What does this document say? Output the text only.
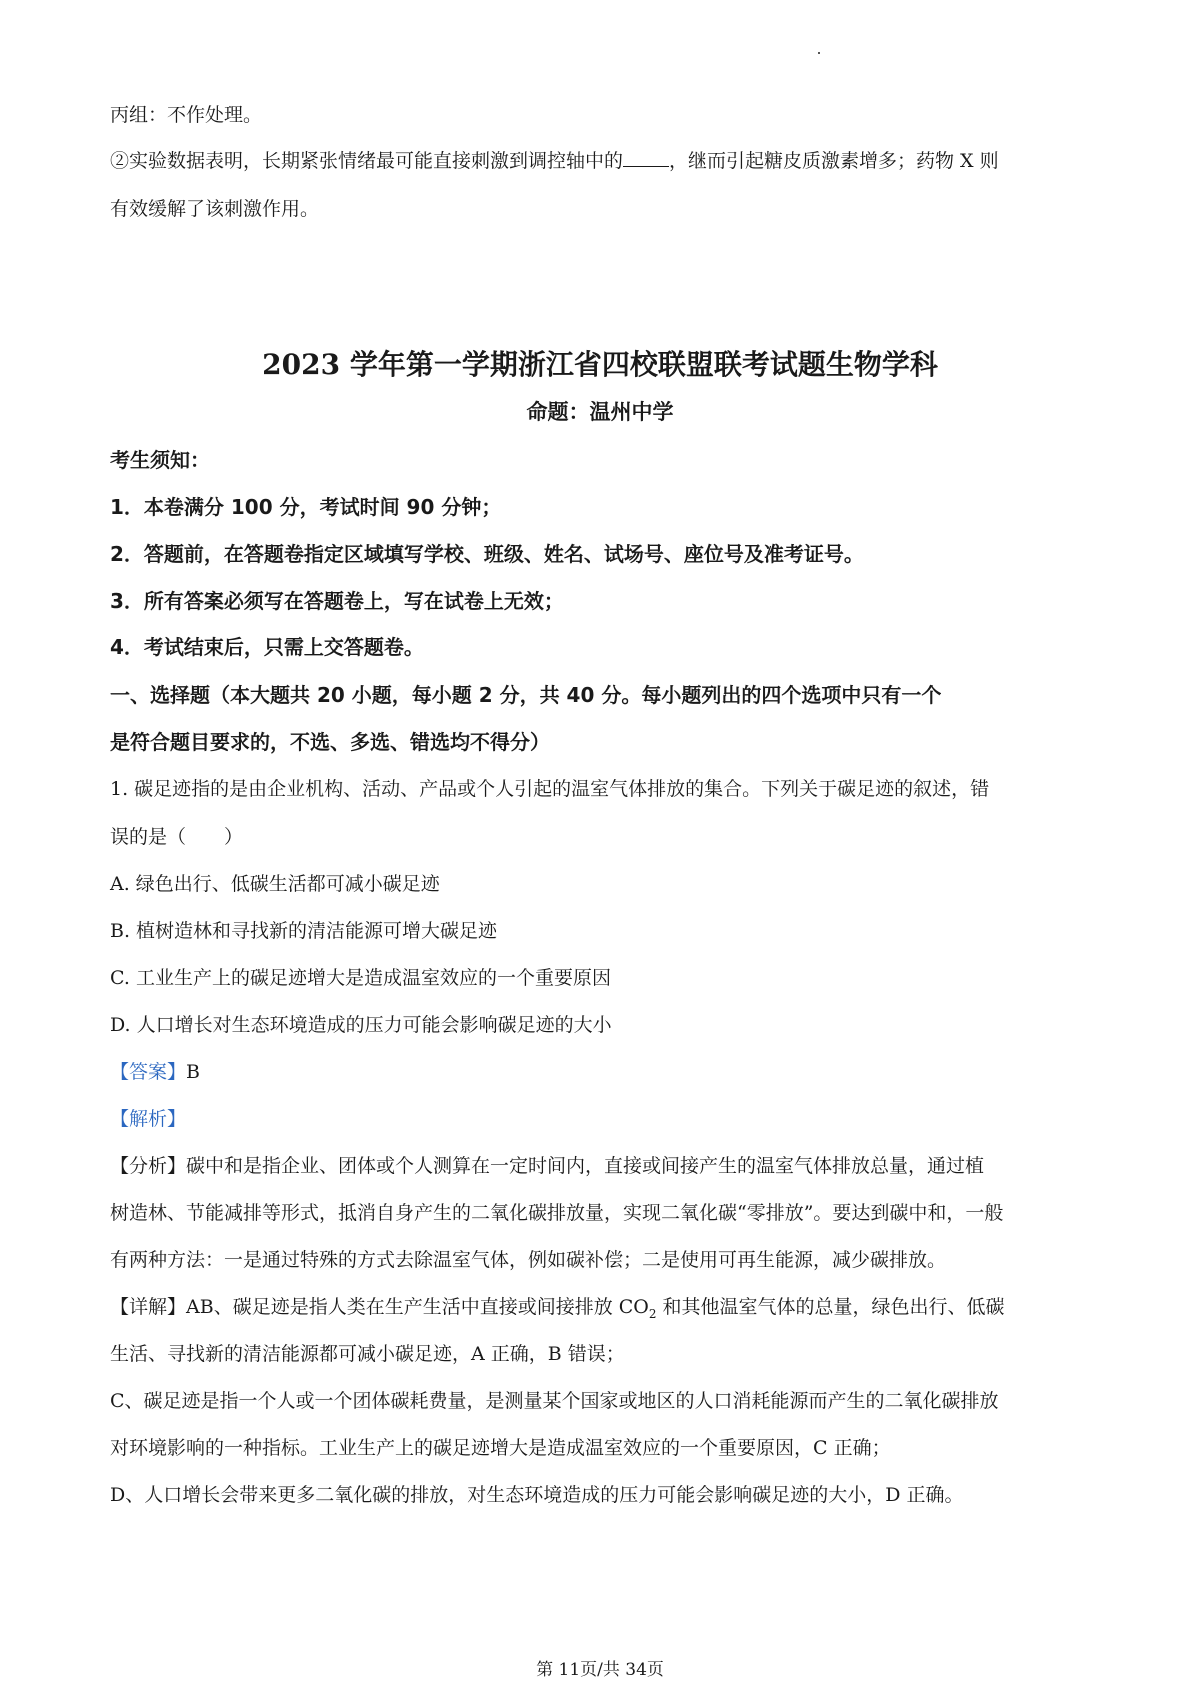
丙组：不作处理。
②实验数据表明，长期紧张情绪最可能直接刺激到调控轴中的 ，继而引起糖皮质激素增多；药物 X 则
有效缓解了该刺激作用。
2023 学年第一学期浙江省四校联盟联考试题生物学科
命题：温州中学
考生须知：
1．本卷满分 100 分，考试时间 90 分钟；
2．答题前，在答题卷指定区域填写学校、班级、姓名、试场号、座位号及准考证号。
3．所有答案必须写在答题卷上，写在试卷上无效；
4．考试结束后，只需上交答题卷。
一、选择题（本大题共 20 小题，每小题 2 分，共 40 分。每小题列出的四个选项中只有一个
是符合题目要求的，不选、多选、错选均不得分）
1. 碳足迹指的是由企业机构、活动、产品或个人引起的温室气体排放的集合。下列关于碳足迹的叙述，错
误的是（　　）
A. 绿色出行、低碳生活都可减小碳足迹
B. 植树造林和寻找新的清洁能源可增大碳足迹
C. 工业生产上的碳足迹增大是造成温室效应的一个重要原因
D. 人口增长对生态环境造成的压力可能会影响碳足迹的大小
【答案】B
【解析】
【分析】碳中和是指企业、团体或个人测算在一定时间内，直接或间接产生的温室气体排放总量，通过植
树造林、节能减排等形式，抵消自身产生的二氧化碳排放量，实现二氧化碳“零排放”。要达到碳中和，一般
有两种方法：一是通过特殊的方式去除温室气体，例如碳补偿；二是使用可再生能源，减少碳排放。
【详解】AB、碳足迹是指人类在生产生活中直接或间接排放 $CO_2$ 和其他温室气体的总量，绿色出行、低碳
生活、寻找新的清洁能源都可减小碳足迹，A 正确，B 错误；
C、碳足迹是指一个人或一个团体碳耗费量，是测量某个国家或地区的人口消耗能源而产生的二氧化碳排放
对环境影响的一种指标。工业生产上的碳足迹增大是造成温室效应的一个重要原因，C 正确；
D、人口增长会带来更多二氧化碳的排放，对生态环境造成的压力可能会影响碳足迹的大小，D 正确。
第 11页/共 34页
